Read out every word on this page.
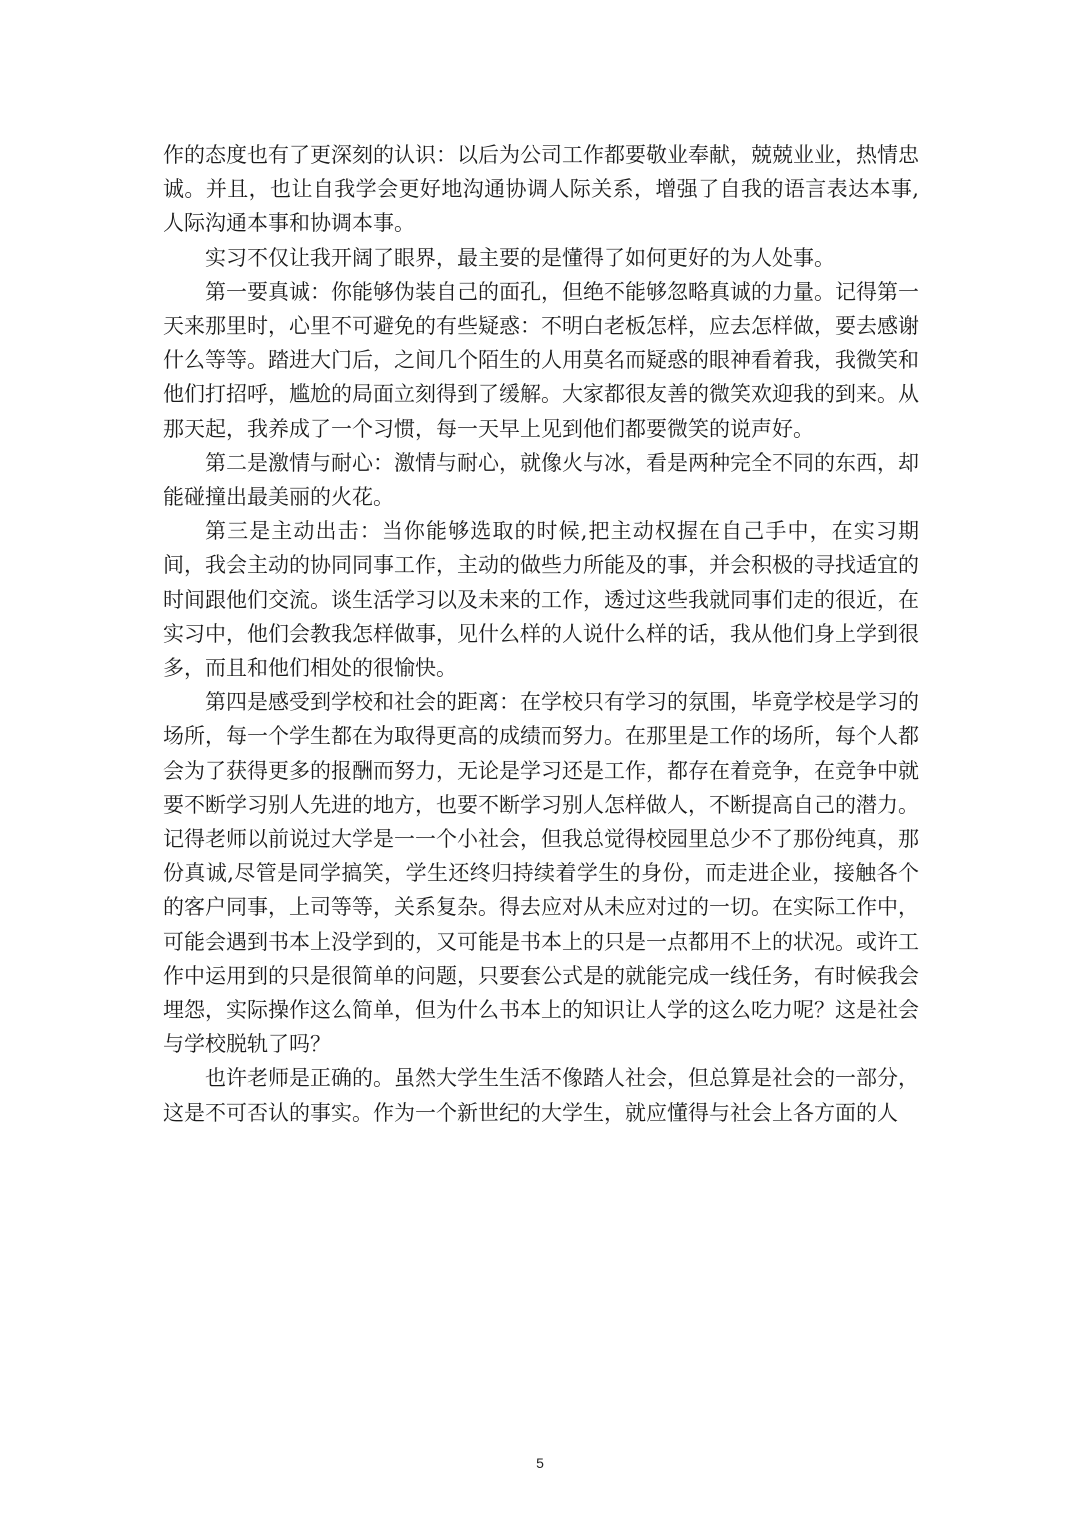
作的态度也有了更深刻的认识：以后为公司工作都要敬业奉献，兢兢业业，热情忠诚。并且，也让自我学会更好地沟通协调人际关系，增强了自我的语言表达本事,人际沟通本事和协调本事。

实习不仅让我开阔了眼界，最主要的是懂得了如何更好的为人处事。

第一要真诚：你能够伪装自己的面孔，但绝不能够忽略真诚的力量。记得第一天来那里时，心里不可避免的有些疑惑：不明白老板怎样，应去怎样做，要去感谢什么等等。踏进大门后，之间几个陌生的人用莫名而疑惑的眼神看着我，我微笑和他们打招呼，尴尬的局面立刻得到了缓解。大家都很友善的微笑欢迎我的到来。从那天起，我养成了一个习惯，每一天早上见到他们都要微笑的说声好。

第二是激情与耐心：激情与耐心，就像火与冰，看是两种完全不同的东西，却能碰撞出最美丽的火花。

第三是主动出击：当你能够选取的时候,把主动权握在自己手中，在实习期间，我会主动的协同同事工作，主动的做些力所能及的事，并会积极的寻找适宜的时间跟他们交流。谈生活学习以及未来的工作，透过这些我就同事们走的很近，在实习中，他们会教我怎样做事，见什么样的人说什么样的话，我从他们身上学到很多，而且和他们相处的很愉快。

第四是感受到学校和社会的距离：在学校只有学习的氛围，毕竟学校是学习的场所，每一个学生都在为取得更高的成绩而努力。在那里是工作的场所，每个人都会为了获得更多的报酬而努力，无论是学习还是工作，都存在着竞争，在竞争中就要不断学习别人先进的地方，也要不断学习别人怎样做人，不断提高自己的潜力。记得老师以前说过大学是一一个小社会，但我总觉得校园里总少不了那份纯真，那份真诚,尽管是同学搞笑，学生还终归持续着学生的身份，而走进企业，接触各个的客户同事，上司等等，关系复杂。得去应对从未应对过的一切。在实际工作中，可能会遇到书本上没学到的，又可能是书本上的只是一点都用不上的状况。或许工作中运用到的只是很简单的问题，只要套公式是的就能完成一线任务，有时候我会埋怨，实际操作这么简单，但为什么书本上的知识让人学的这么吃力呢？这是社会与学校脱轨了吗？

也许老师是正确的。虽然大学生生活不像踏人社会，但总算是社会的一部分，这是不可否认的事实。作为一个新世纪的大学生，就应懂得与社会上各方面的人

5
